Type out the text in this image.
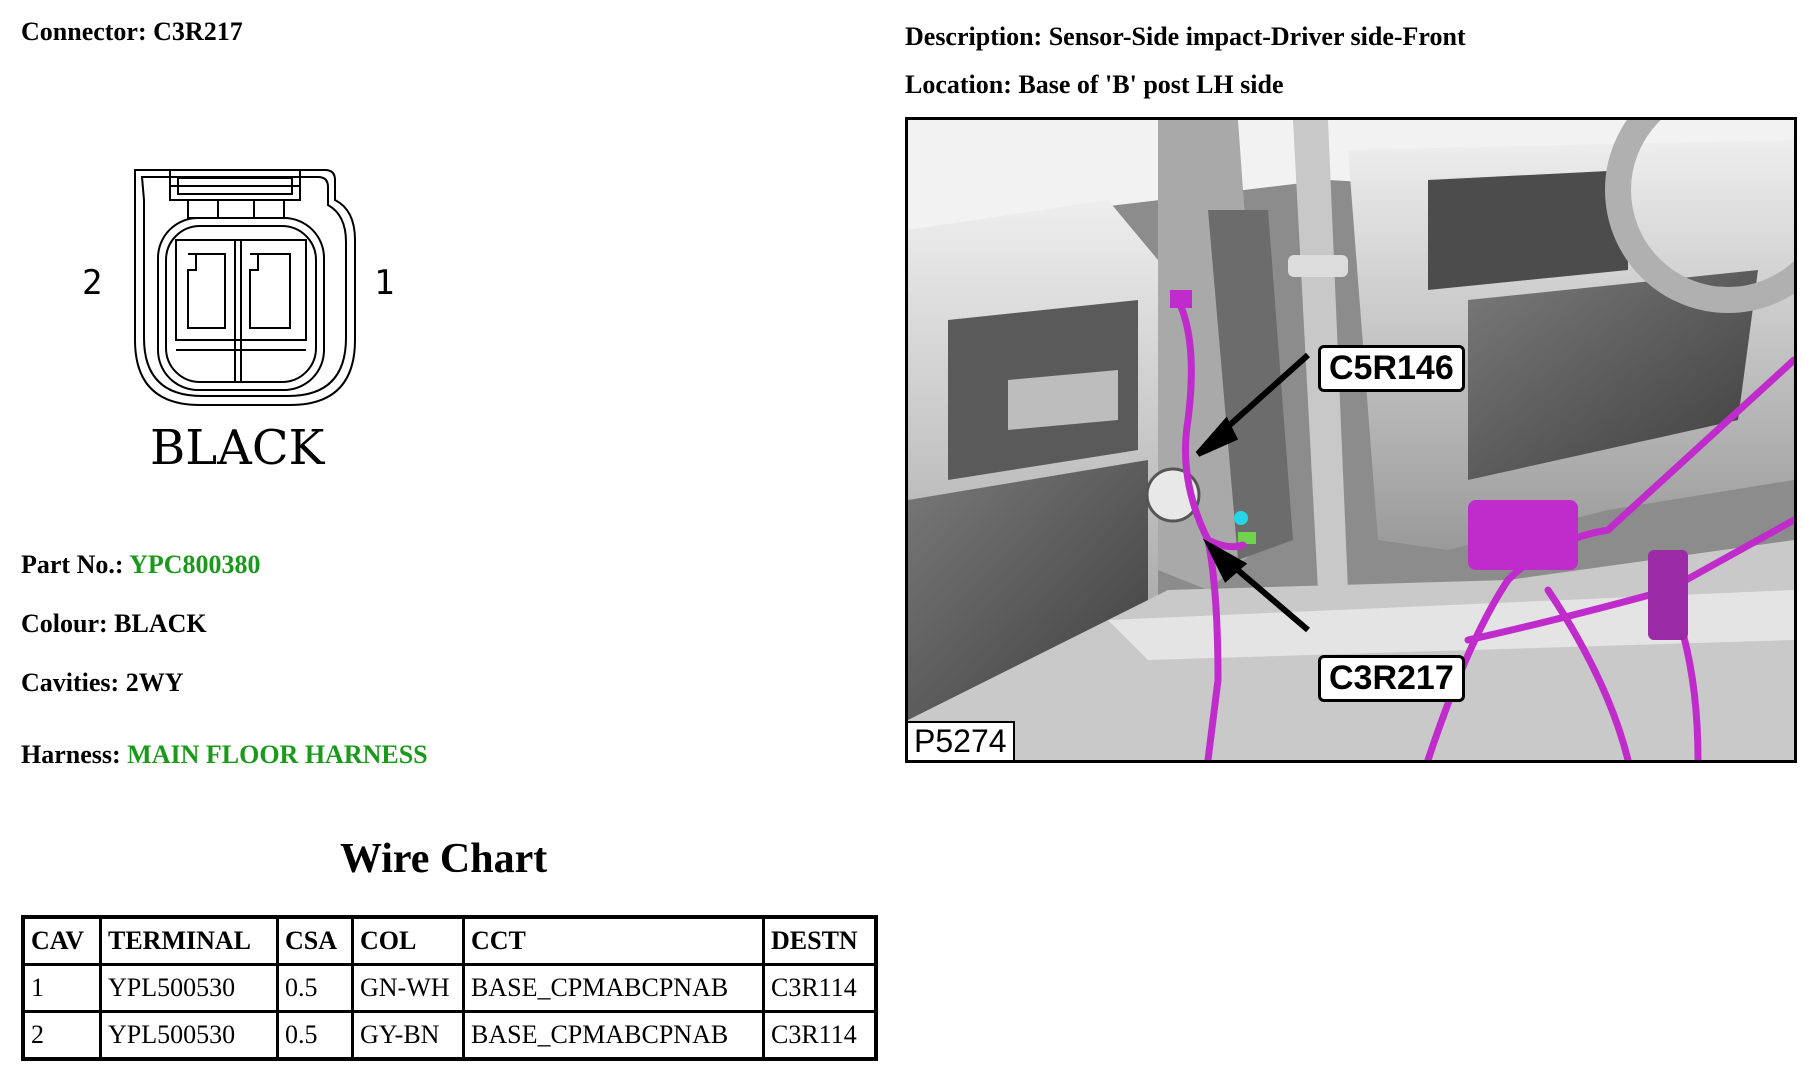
Connector: C3R217	Description: Sensor-Side impact-Driver side-Front
Location: Base of 'B' post LH side
2	1
BLACK
Part No.: YPC800380
Colour: BLACK
Cavities: 2WY
Harness: MAIN FLOOR HARNESS
Wire Chart
CAV	TERMINAL	CSA	COL	CCT	DESTN
1	YPL500530	0.5	GN-WH	BASE_CPMABCPNAB	C3R114
2	YPL500530	0.5	GY-BN	BASE_CPMABCPNAB	C3R114
C5R146
C3R217
P5274
